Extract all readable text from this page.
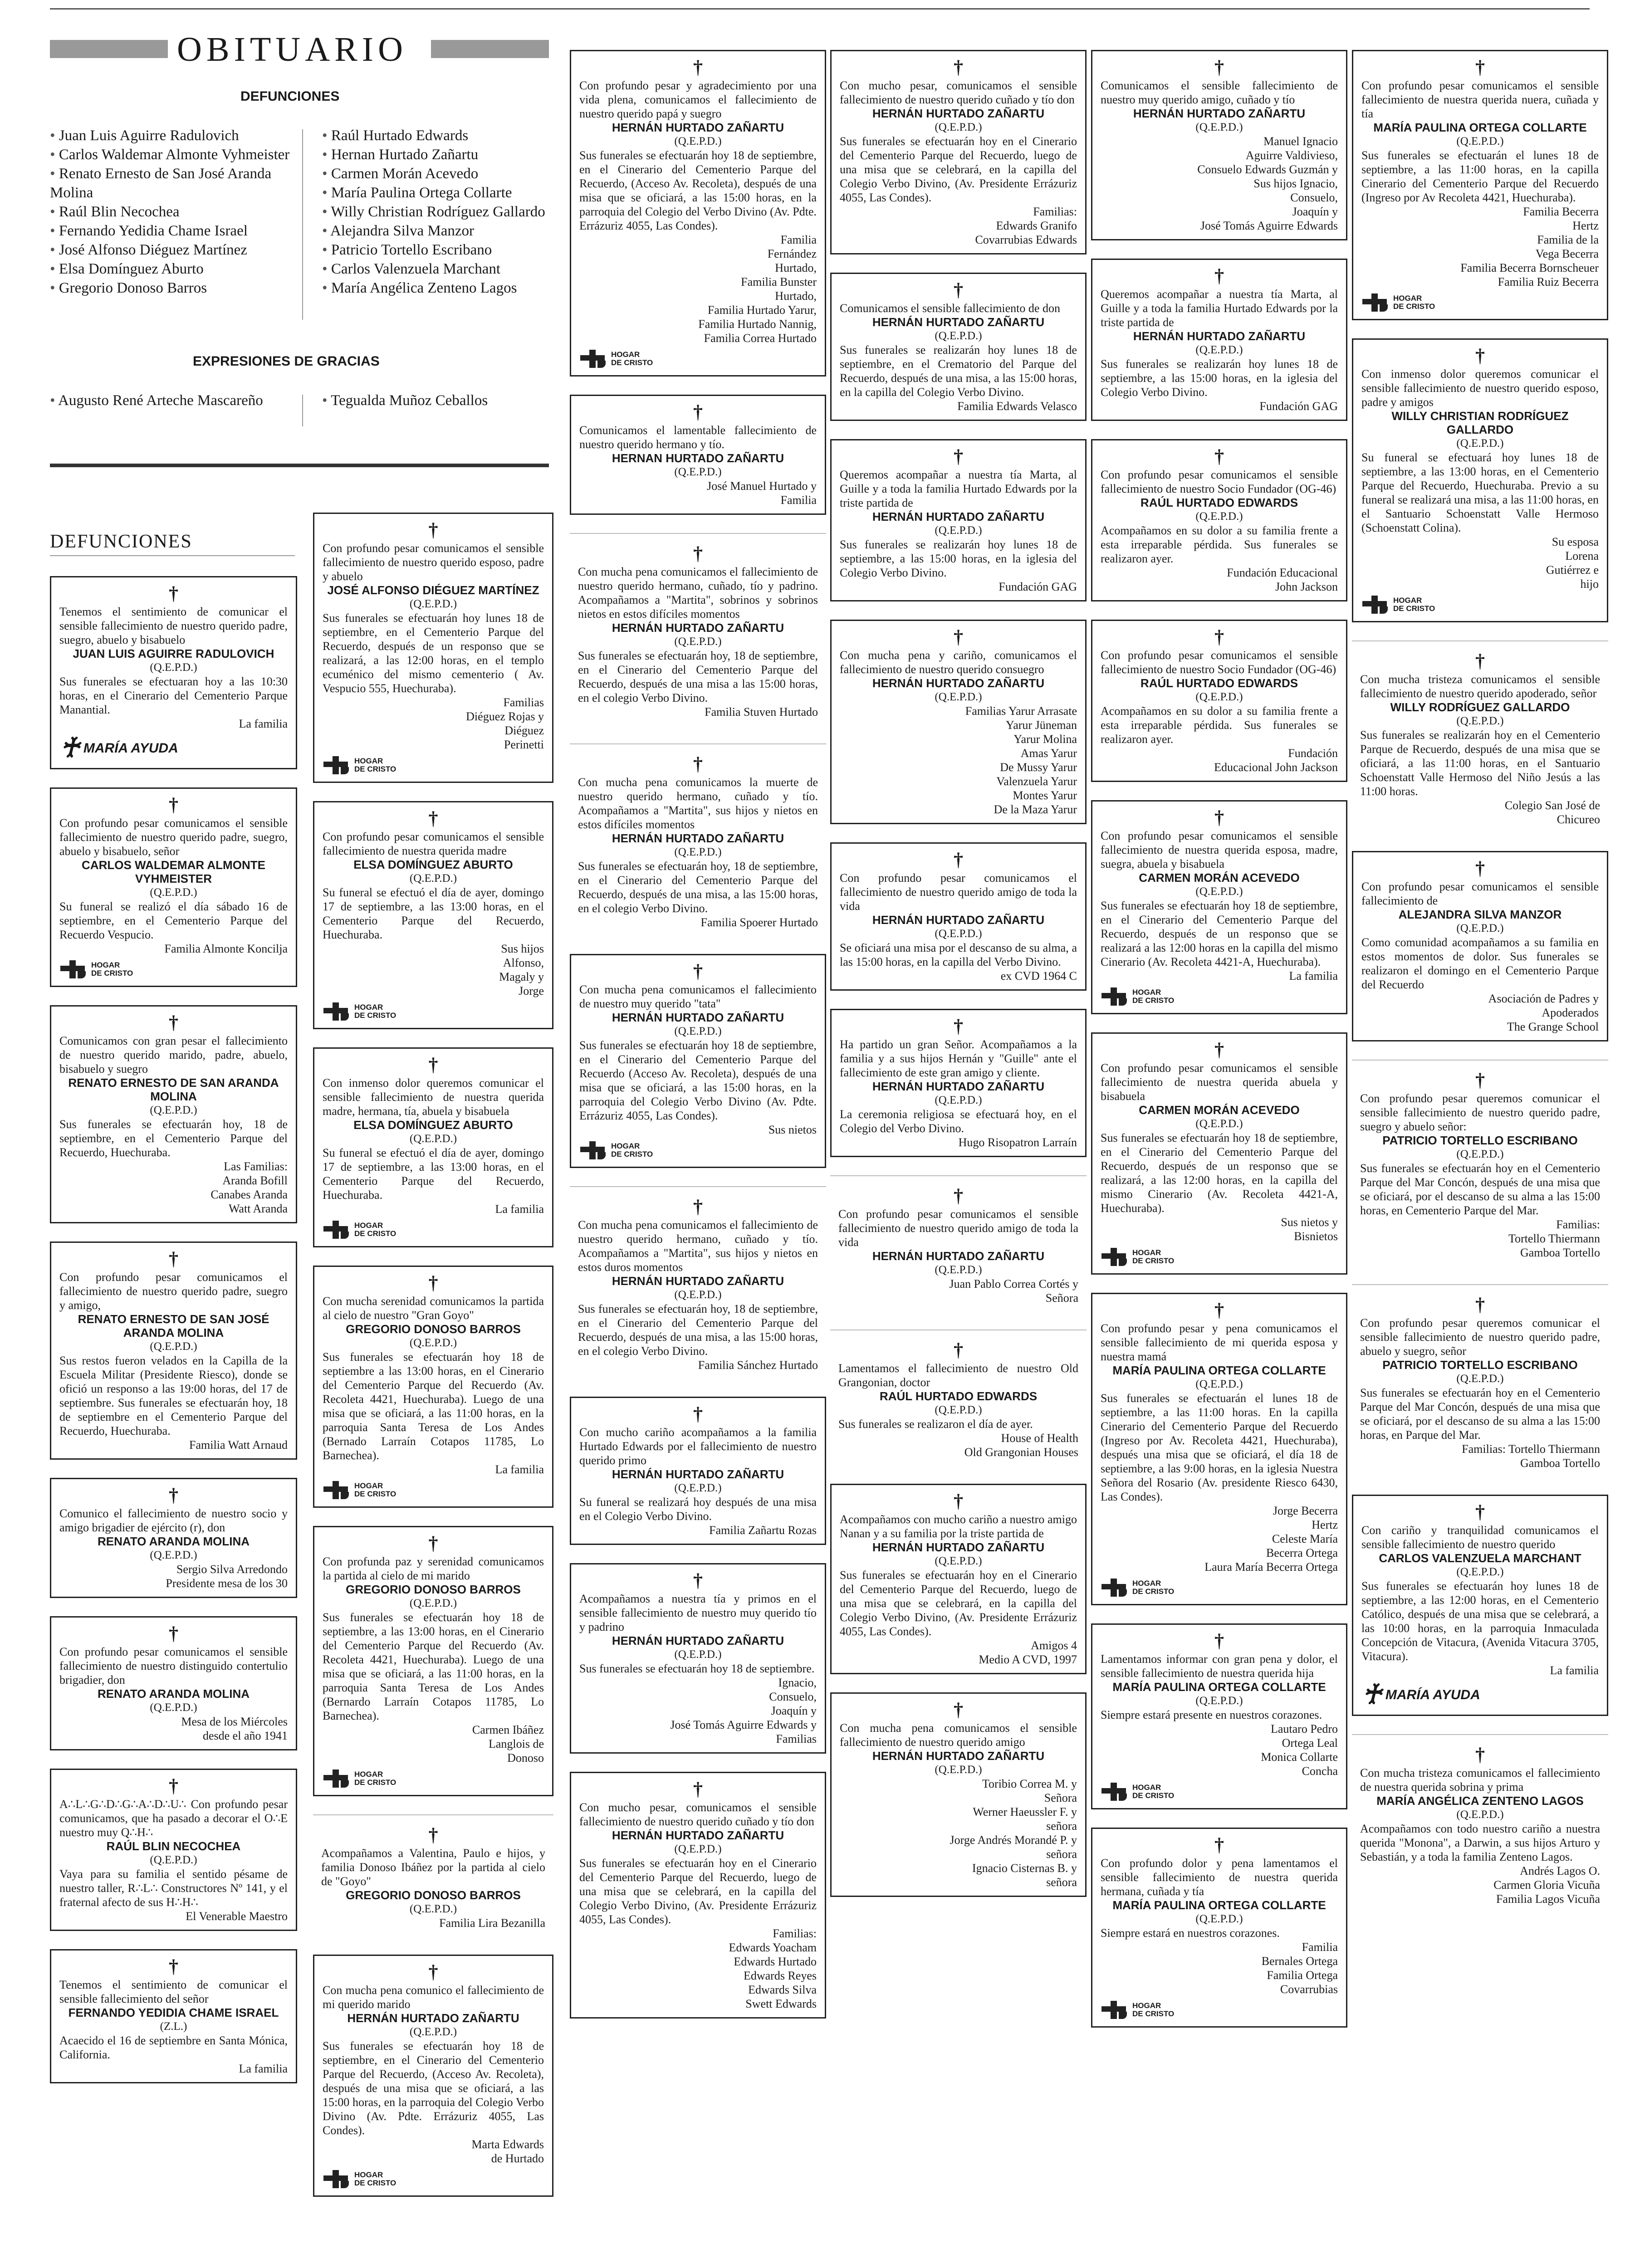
OBITUARIO
DEFUNCIONES
• Juan Luis Aguirre Radulovich
• Carlos Waldemar Almonte Vyhmeister
• Renato Ernesto de San José Aranda Molina
• Raúl Blin Necochea
• Fernando Yedidia Chame Israel
• José Alfonso Diéguez Martínez
• Elsa Domínguez Aburto
• Gregorio Donoso Barros
• Raúl Hurtado Edwards
• Hernan Hurtado Zañartu
• Carmen Morán Acevedo
• María Paulina Ortega Collarte
• Willy Christian Rodríguez Gallardo
• Alejandra Silva Manzor
• Patricio Tortello Escribano
• Carlos Valenzuela Marchant
• María Angélica Zenteno Lagos
EXPRESIONES DE GRACIAS
• Augusto René Arteche Mascareño
•	Tegualda Muñoz Ceballos
DEFUNCIONES
†
Tenemos el sentimiento de comunicar el sensible fallecimiento de nuestro querido padre, suegro, abuelo y bisabuelo
JUAN LUIS AGUIRRE RADULOVICH
(Q.E.P.D.)
Sus funerales se efectuaran hoy a las 10:30 horas, en el Cinerario del Cementerio Parque Manantial.
La familia
♰ MARÍA AYUDA
†
Con profundo pesar comunicamos el sensible fallecimiento de nuestro querido padre, suegro, abuelo y bisabuelo, señor
CARLOS WALDEMAR ALMONTE VYHMEISTER
(Q.E.P.D.)
Su funeral se realizó el día sábado 16 de septiembre, en el Cementerio Parque del Recuerdo Vespucio.
Familia Almonte Koncilja
HOGAR
DE CRISTO
†
Comunicamos con gran pesar el fallecimiento de nuestro querido marido, padre, abuelo, bisabuelo y suegro
RENATO ERNESTO DE SAN ARANDA MOLINA
(Q.E.P.D.)
Sus funerales se efectuarán hoy, 18 de septiembre, en el Cementerio Parque del Recuerdo, Huechuraba.
Las Familias:
Aranda Bofill
Canabes Aranda
Watt Aranda
†
Con profundo pesar comunicamos el fallecimiento de nuestro querido padre, suegro y amigo,
RENATO ERNESTO DE SAN JOSÉ ARANDA MOLINA
(Q.E.P.D.)
Sus restos fueron velados en la Capilla de la Escuela Militar (Presidente Riesco), donde se ofició un responso a las 19:00 horas, del 17 de septiembre. Sus funerales se efectuarán hoy, 18 de septiembre en el Cementerio Parque del Recuerdo, Huechuraba.
Familia Watt Arnaud
†
Comunico el fallecimiento de nuestro socio y amigo brigadier de ejército (r), don
RENATO ARANDA MOLINA
(Q.E.P.D.)
Sergio Silva Arredondo
Presidente mesa de los 30
†
Con profundo pesar comunicamos el sensible fallecimiento de nuestro distinguido contertulio brigadier, don
RENATO ARANDA MOLINA
(Q.E.P.D.)
Mesa de los Miércoles
desde el año 1941
†
A∴L∴G∴D∴G∴A∴D∴U∴ Con profundo pesar comunicamos, que ha pasado a decorar el O∴E nuestro muy Q∴H∴
RAÚL BLIN NECOCHEA
(Q.E.P.D.)
Vaya para su familia el sentido pésame de nuestro taller, R∴L∴ Constructores Nº 141, y el fraternal afecto de sus H∴H∴
El Venerable Maestro
†
Tenemos el sentimiento de comunicar el sensible fallecimiento del señor
FERNANDO YEDIDIA CHAME ISRAEL
(Z.L.)
Acaecido el 16 de septiembre en Santa Mónica, California.
La familia
†
Con profundo pesar comunicamos el sensible fallecimiento de nuestro querido esposo, padre y abuelo
JOSÉ ALFONSO DIÉGUEZ MARTÍNEZ
(Q.E.P.D.)
Sus funerales se efectuarán hoy lunes 18 de septiembre, en el Cementerio Parque del Recuerdo, después de un responso que se realizará, a las 12:00 horas, en el templo ecuménico del mismo cementerio ( Av. Vespucio 555, Huechuraba).
Familias
Diéguez Rojas y
Diéguez
Perinetti
HOGAR
DE CRISTO
†
Con profundo pesar comunicamos el sensible fallecimiento de nuestra querida madre
ELSA DOMÍNGUEZ ABURTO
(Q.E.P.D.)
Su funeral se efectuó el día de ayer, domingo 17 de septiembre, a las 13:00 horas, en el Cementerio Parque del Recuerdo, Huechuraba.
Sus hijos
Alfonso,
Magaly y
Jorge
HOGAR
DE CRISTO
†
Con inmenso dolor queremos comunicar el sensible fallecimiento de nuestra querida madre, hermana, tía, abuela y bisabuela
ELSA DOMÍNGUEZ ABURTO
(Q.E.P.D.)
Su funeral se efectuó el día de ayer, domingo 17 de septiembre, a las 13:00 horas, en el Cementerio Parque del Recuerdo, Huechuraba.
La familia
HOGAR
DE CRISTO
†
Con mucha serenidad comunicamos la partida al cielo de nuestro "Gran Goyo"
GREGORIO DONOSO BARROS
(Q.E.P.D.)
Sus funerales se efectuarán hoy 18 de septiembre a las 13:00 horas, en el Cinerario del Cementerio Parque del Recuerdo (Av. Recoleta 4421, Huechuraba). Luego de una misa que se oficiará, a las 11:00 horas, en la parroquia Santa Teresa de Los Andes (Bernado Larraín Cotapos 11785, Lo Barnechea).
La familia
HOGAR
DE CRISTO
†
Con profunda paz y serenidad comunicamos la partida al cielo de mi marido
GREGORIO DONOSO BARROS
(Q.E.P.D.)
Sus funerales se efectuarán hoy 18 de septiembre, a las 13:00 horas, en el Cinerario del Cementerio Parque del Recuerdo (Av. Recoleta 4421, Huechuraba). Luego de una misa que se oficiará, a las 11:00 horas, en la parroquia Santa Teresa de Los Andes (Bernardo Larraín Cotapos 11785, Lo Barnechea).
Carmen Ibáñez
Langlois de
Donoso
HOGAR
DE CRISTO
†
Acompañamos a Valentina, Paulo e hijos, y familia Donoso Ibáñez por la partida al cielo de "Goyo"
GREGORIO DONOSO BARROS
(Q.E.P.D.)
Familia Lira Bezanilla
†
Con mucha pena comunico el fallecimiento de mi querido marido
HERNÁN HURTADO ZAÑARTU
(Q.E.P.D.)
Sus funerales se efectuarán hoy 18 de septiembre, en el Cinerario del Cementerio Parque del Recuerdo, (Acceso Av. Recoleta), después de una misa que se oficiará, a las 15:00 horas, en la parroquia del Colegio Verbo Divino (Av. Pdte. Errázuriz 4055, Las Condes).
Marta Edwards
de Hurtado
HOGAR
DE CRISTO
†
Con profundo pesar y agradecimiento por una vida plena, comunicamos el fallecimiento de nuestro querido papá y suegro
HERNÁN HURTADO ZAÑARTU
(Q.E.P.D.)
Sus funerales se efectuarán hoy 18 de septiembre, en el Cinerario del Cementerio Parque del Recuerdo, (Acceso Av. Recoleta), después de una misa que se oficiará, a las 15:00 horas, en la parroquia del Colegio del Verbo Divino (Av. Pdte. Errázuriz 4055, Las Condes).
Familia
Fernández
Hurtado,
Familia Bunster
Hurtado,
Familia Hurtado Yarur,
Familia Hurtado Nannig,
Familia Correa Hurtado
HOGAR
DE CRISTO
†
Comunicamos el lamentable fallecimiento de nuestro querido hermano y tío.
HERNAN HURTADO ZAÑARTU
(Q.E.P.D.)
José Manuel Hurtado y
Familia
†
Con mucha pena comunicamos el fallecimiento de nuestro querido hermano, cuñado, tío y padrino. Acompañamos a "Martita", sobrinos y sobrinos nietos en estos difíciles momentos
HERNÁN HURTADO ZAÑARTU
(Q.E.P.D.)
Sus funerales se efectuarán hoy, 18 de septiembre, en el Cinerario del Cementerio Parque del Recuerdo, después de una misa a las 15:00 horas, en el colegio Verbo Divino.
Familia Stuven Hurtado
†
Con mucha pena comunicamos la muerte de nuestro querido hermano, cuñado y tío. Acompañamos a "Martita", sus hijos y nietos en estos difíciles momentos
HERNÁN HURTADO ZAÑARTU
(Q.E.P.D.)
Sus funerales se efectuarán hoy, 18 de septiembre, en el Cinerario del Cementerio Parque del Recuerdo, después de una misa, a las 15:00 horas, en el colegio Verbo Divino.
Familia Spoerer Hurtado
†
Con mucha pena comunicamos el fallecimiento de nuestro muy querido "tata"
HERNÁN HURTADO ZAÑARTU
(Q.E.P.D.)
Sus funerales se efectuarán hoy 18 de septiembre, en el Cinerario del Cementerio Parque del Recuerdo (Acceso Av. Recoleta), después de una misa que se oficiará, a las 15:00 horas, en la parroquia del Colegio Verbo Divino (Av. Pdte. Errázuriz 4055, Las Condes).
Sus nietos
HOGAR
DE CRISTO
†
Con mucha pena comunicamos el fallecimiento de nuestro querido hermano, cuñado y tío. Acompañamos a "Martita", sus hijos y nietos en estos duros momentos
HERNÁN HURTADO ZAÑARTU
(Q.E.P.D.)
Sus funerales se efectuarán hoy, 18 de septiembre, en el Cinerario del Cementerio Parque del Recuerdo, después de una misa, a las 15:00 horas, en el colegio Verbo Divino.
Familia Sánchez Hurtado
†
Con mucho cariño acompañamos a la familia Hurtado Edwards por el fallecimiento de nuestro querido primo
HERNÁN HURTADO ZAÑARTU
(Q.E.P.D.)
Su funeral se realizará hoy después de una misa en el Colegio Verbo Divino.
Familia Zañartu Rozas
†
Acompañamos a nuestra tía y primos en el sensible fallecimiento de nuestro muy querido tío y padrino
HERNÁN HURTADO ZAÑARTU
(Q.E.P.D.)
Sus funerales se efectuarán hoy 18 de septiembre.
Ignacio,
Consuelo,
Joaquín y
José Tomás Aguirre Edwards y
Familias
†
Con mucho pesar, comunicamos el sensible fallecimiento de nuestro querido cuñado y tío don
HERNÁN HURTADO ZAÑARTU
(Q.E.P.D.)
Sus funerales se efectuarán hoy en el Cinerario del Cementerio Parque del Recuerdo, luego de una misa que se celebrará, en la capilla del Colegio Verbo Divino, (Av. Presidente Errázuriz 4055, Las Condes).
Familias:
Edwards Yoacham
Edwards Hurtado
Edwards Reyes
Edwards Silva
Swett Edwards
†
Con mucho pesar, comunicamos el sensible fallecimiento de nuestro querido cuñado y tío don
HERNÁN HURTADO ZAÑARTU
(Q.E.P.D.)
Sus funerales se efectuarán hoy en el Cinerario del Cementerio Parque del Recuerdo, luego de una misa que se celebrará, en la capilla del Colegio Verbo Divino, (Av. Presidente Errázuriz 4055, Las Condes).
Familias:
Edwards Granifo
Covarrubias Edwards
†
Comunicamos el sensible fallecimiento de don
HERNÁN HURTADO ZAÑARTU
(Q.E.P.D.)
Sus funerales se realizarán hoy lunes 18 de septiembre, en el Crematorio del Parque del Recuerdo, después de una misa, a las 15:00 horas, en la capilla del Colegio Verbo Divino.
Familia Edwards Velasco
†
Queremos acompañar a nuestra tía Marta, al Guille y a toda la familia Hurtado Edwards por la triste partida de
HERNÁN HURTADO ZAÑARTU
(Q.E.P.D.)
Sus funerales se realizarán hoy lunes 18 de septiembre, a las 15:00 horas, en la iglesia del Colegio Verbo Divino.
Fundación GAG
†
Con mucha pena y cariño, comunicamos el fallecimiento de nuestro querido consuegro
HERNÁN HURTADO ZAÑARTU
(Q.E.P.D.)
Familias Yarur Arrasate
Yarur Jüneman
Yarur Molina
Amas Yarur
De Mussy Yarur
Valenzuela Yarur
Montes Yarur
De la Maza Yarur
†
Con profundo pesar comunicamos el fallecimiento de nuestro querido amigo de toda la vida
HERNÁN HURTADO ZAÑARTU
(Q.E.P.D.)
Se oficiará una misa por el descanso de su alma, a las 15:00 horas, en la capilla del Verbo Divino.
ex CVD 1964 C
†
Ha partido un gran Señor. Acompañamos a la familia y a sus hijos Hernán y "Guille" ante el fallecimiento de este gran amigo y cliente.
HERNÁN HURTADO ZAÑARTU
(Q.E.P.D.)
La ceremonia religiosa se efectuará hoy, en el Colegio del Verbo Divino.
Hugo Risopatron Larraín
†
Con profundo pesar comunicamos el sensible fallecimiento de nuestro querido amigo de toda la vida
HERNÁN HURTADO ZAÑARTU
(Q.E.P.D.)
Juan Pablo Correa Cortés y
Señora
†
Lamentamos el fallecimiento de nuestro Old Grangonian, doctor
RAÚL HURTADO EDWARDS
(Q.E.P.D.)
Sus funerales se realizaron el día de ayer.
House of Health
Old Grangonian Houses
†
Acompañamos con mucho cariño a nuestro amigo Nanan y a su familia por la triste partida de
HERNÁN HURTADO ZAÑARTU
(Q.E.P.D.)
Sus funerales se efectuarán hoy en el Cinerario del Cementerio Parque del Recuerdo, luego de una misa que se celebrará, en la capilla del Colegio Verbo Divino, (Av. Presidente Errázuriz 4055, Las Condes).
Amigos 4
Medio A CVD, 1997
†
Con mucha pena comunicamos el sensible fallecimiento de nuestro querido amigo
HERNÁN HURTADO ZAÑARTU
(Q.E.P.D.)
Toribio Correa M. y
Señora
Werner Haeussler F. y
señora
Jorge Andrés Morandé P. y
señora
Ignacio Cisternas B. y
señora
†
Comunicamos el sensible fallecimiento de nuestro muy querido amigo, cuñado y tío
HERNÁN HURTADO ZAÑARTU
(Q.E.P.D.)
Manuel Ignacio
Aguirre Valdivieso,
Consuelo Edwards Guzmán y
Sus hijos Ignacio,
Consuelo,
Joaquín y
José Tomás Aguirre Edwards
†
Queremos acompañar a nuestra tía Marta, al Guille y a toda la familia Hurtado Edwards por la triste partida de
HERNÁN HURTADO ZAÑARTU
(Q.E.P.D.)
Sus funerales se realizarán hoy lunes 18 de septiembre, a las 15:00 horas, en la iglesia del Colegio Verbo Divino.
Fundación GAG
†
Con profundo pesar comunicamos el sensible fallecimiento de nuestro Socio Fundador (OG-46)
RAÚL HURTADO EDWARDS
(Q.E.P.D.)
Acompañamos en su dolor a su familia frente a esta irreparable pérdida. Sus funerales se realizaron ayer.
Fundación Educacional
John Jackson
†
Con profundo pesar comunicamos el sensible fallecimiento de nuestro Socio Fundador (OG-46)
RAÚL HURTADO EDWARDS
(Q.E.P.D.)
Acompañamos en su dolor a su familia frente a esta irreparable pérdida. Sus funerales se realizaron ayer.
Fundación
Educacional John Jackson
†
Con profundo pesar comunicamos el sensible fallecimiento de nuestra querida esposa, madre, suegra, abuela y bisabuela
CARMEN MORÁN ACEVEDO
(Q.E.P.D.)
Sus funerales se efectuarán hoy 18 de septiembre, en el Cinerario del Cementerio Parque del Recuerdo, después de un responso que se realizará a las 12:00 horas en la capilla del mismo Cinerario (Av. Recoleta 4421-A, Huechuraba).
La familia
HOGAR
DE CRISTO
†
Con profundo pesar comunicamos el sensible fallecimiento de nuestra querida abuela y bisabuela
CARMEN MORÁN ACEVEDO
(Q.E.P.D.)
Sus funerales se efectuarán hoy 18 de septiembre, en el Cinerario del Cementerio Parque del Recuerdo, después de un responso que se realizará, a las 12:00 horas, en la capilla del mismo Cinerario (Av. Recoleta 4421-A, Huechuraba).
Sus nietos y
Bisnietos
HOGAR
DE CRISTO
†
Con profundo pesar y pena comunicamos el sensible fallecimiento de mi querida esposa y nuestra mamá
MARÍA PAULINA ORTEGA COLLARTE
(Q.E.P.D.)
Sus funerales se efectuarán el lunes 18 de septiembre, a las 11:00 horas. En la capilla Cinerario del Cementerio Parque del Recuerdo (Ingreso por Av. Recoleta 4421, Huechuraba), después una misa que se oficiará, el día 18 de septiembre, a las 9:00 horas, en la iglesia Nuestra Señora del Rosario (Av. presidente Riesco 6430, Las Condes).
Jorge Becerra
Hertz
Celeste María
Becerra Ortega
Laura María Becerra Ortega
HOGAR
DE CRISTO
†
Lamentamos informar con gran pena y dolor, el sensible fallecimiento de nuestra querida hija
MARÍA PAULINA ORTEGA COLLARTE
(Q.E.P.D.)
Siempre estará presente en nuestros corazones.
Lautaro Pedro
Ortega Leal
Monica Collarte
Concha
HOGAR
DE CRISTO
†
Con profundo dolor y pena lamentamos el sensible fallecimiento de nuestra querida hermana, cuñada y tía
MARÍA PAULINA ORTEGA COLLARTE
(Q.E.P.D.)
Siempre estará en nuestros corazones.
Familia
Bernales Ortega
Familia Ortega
Covarrubias
HOGAR
DE CRISTO
†
Con profundo pesar comunicamos el sensible fallecimiento de nuestra querida nuera, cuñada y tía
MARÍA PAULINA ORTEGA COLLARTE
(Q.E.P.D.)
Sus funerales se efectuarán el lunes 18 de septiembre, a las 11:00 horas, en la capilla Cinerario del Cementerio Parque del Recuerdo (Ingreso por Av Recoleta 4421, Huechuraba).
Familia Becerra
Hertz
Familia de la
Vega Becerra
Familia Becerra Bornscheuer
Familia Ruiz Becerra
HOGAR
DE CRISTO
†
Con inmenso dolor queremos comunicar el sensible fallecimiento de nuestro querido esposo, padre y amigos
WILLY CHRISTIAN RODRÍGUEZ GALLARDO
(Q.E.P.D.)
Su funeral se efectuará hoy lunes 18 de septiembre, a las 13:00 horas, en el Cementerio Parque del Recuerdo, Huechuraba. Previo a su funeral se realizará una misa, a las 11:00 horas, en el Santuario Schoenstatt Valle Hermoso (Schoenstatt Colina).
Su esposa
Lorena
Gutiérrez e
hijo
HOGAR
DE CRISTO
†
Con mucha tristeza comunicamos el sensible fallecimiento de nuestro querido apoderado, señor
WILLY RODRÍGUEZ GALLARDO
(Q.E.P.D.)
Sus funerales se realizarán hoy en el Cementerio Parque de Recuerdo, después de una misa que se oficiará, a las 11:00 horas, en el Santuario Schoenstatt Valle Hermoso del Niño Jesús a las 11:00 horas.
Colegio San José de
Chicureo
†
Con profundo pesar comunicamos el sensible fallecimiento de
ALEJANDRA SILVA MANZOR
(Q.E.P.D.)
Como comunidad acompañamos a su familia en estos momentos de dolor. Sus funerales se realizaron el domingo en el Cementerio Parque del Recuerdo
Asociación de Padres y
Apoderados
The Grange School
†
Con profundo pesar queremos comunicar el sensible fallecimiento de nuestro querido padre, suegro y abuelo señor:
PATRICIO TORTELLO ESCRIBANO
(Q.E.P.D.)
Sus funerales se efectuarán hoy en el Cementerio Parque del Mar Concón, después de una misa que se oficiará, por el descanso de su alma a las 15:00 horas, en Cementerio Parque del Mar.
Familias:
Tortello Thiermann
Gamboa Tortello
†
Con profundo pesar queremos comunicar el sensible fallecimiento de nuestro querido padre, abuelo y suegro, señor
PATRICIO TORTELLO ESCRIBANO
(Q.E.P.D.)
Sus funerales se efectuarán hoy en el Cementerio Parque del Mar Concón, después de una misa que se oficiará, por el descanso de su alma a las 15:00 horas, en Parque del Mar.
Familias: Tortello Thiermann
Gamboa Tortello
†
Con cariño y tranquilidad comunicamos el sensible fallecimiento de nuestro querido
CARLOS VALENZUELA MARCHANT
(Q.E.P.D.)
Sus funerales se efectuarán hoy lunes 18 de septiembre, a las 12:00 horas, en el Cementerio Católico, después de una misa que se celebrará, a las 10:00 horas, en la parroquia Inmaculada Concepción de Vitacura, (Avenida Vitacura 3705, Vitacura).
La familia
♰ MARÍA AYUDA
†
Con mucha tristeza comunicamos el fallecimiento de nuestra querida sobrina y prima
MARÍA ANGÉLICA ZENTENO LAGOS
(Q.E.P.D.)
Acompañamos con todo nuestro cariño a nuestra querida "Monona", a Darwin, a sus hijos Arturo y Sebastián, y a toda la familia Zenteno Lagos.
Andrés Lagos O.
Carmen Gloria Vicuña
Familia Lagos Vicuña
